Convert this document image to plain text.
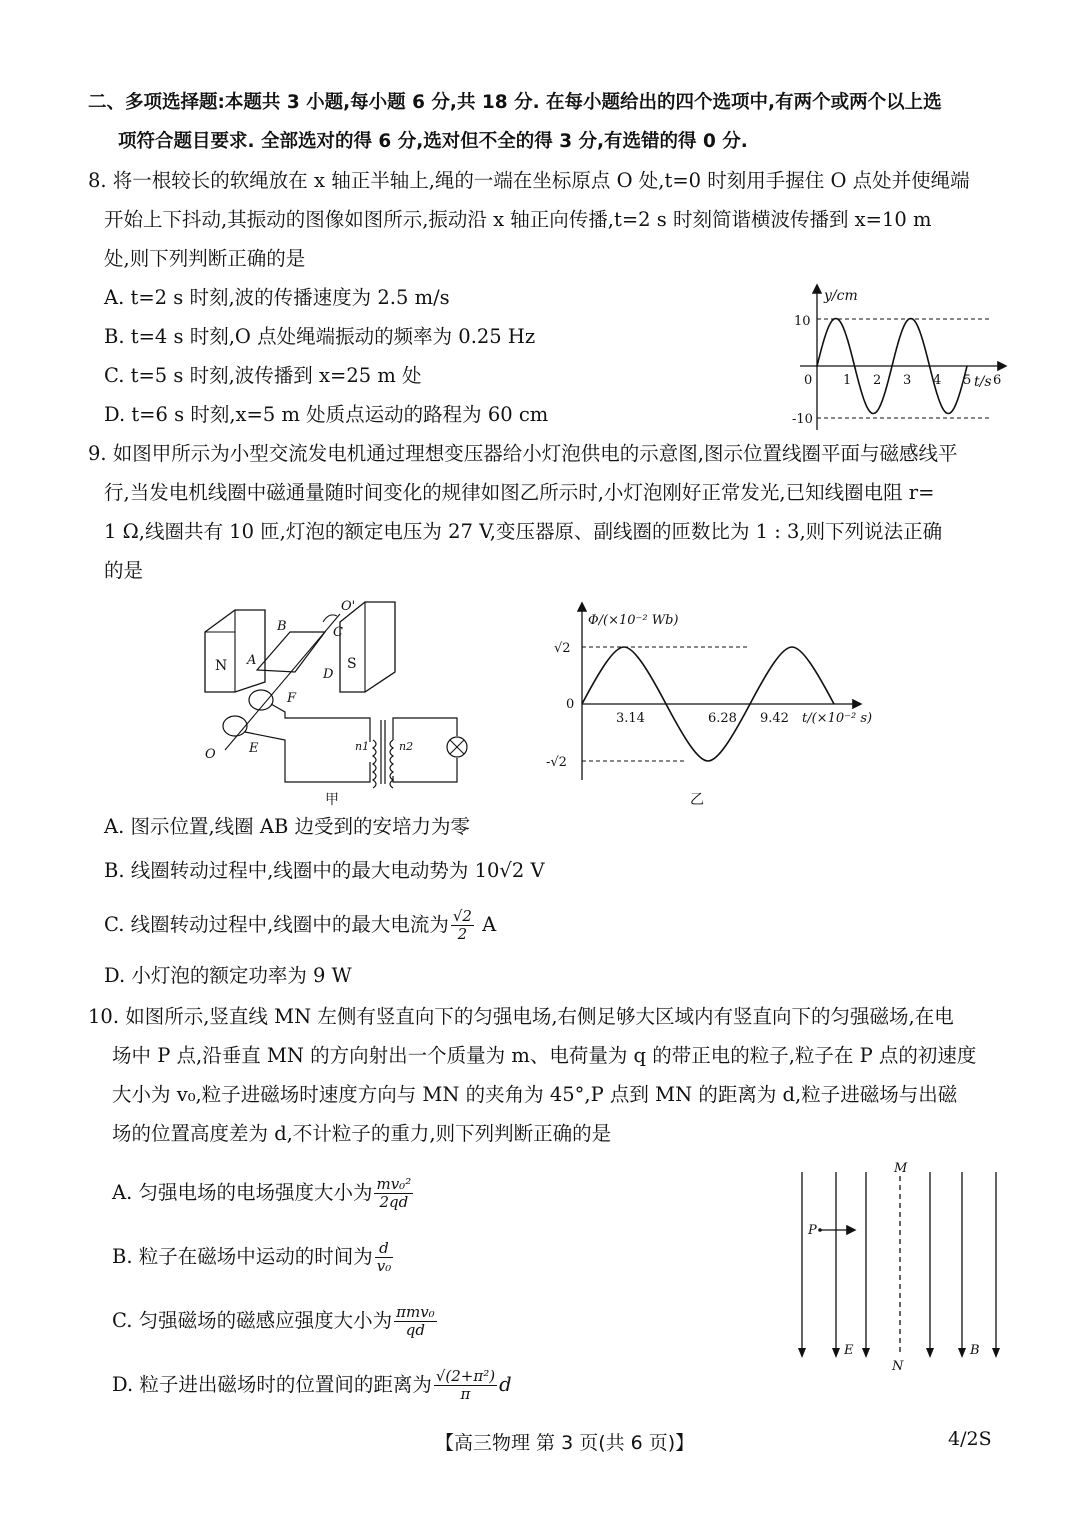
二、多项选择题:本题共 3 小题,每小题 6 分,共 18 分. 在每小题给出的四个选项中,有两个或两个以上选
项符合题目要求. 全部选对的得 6 分,选对但不全的得 3 分,有选错的得 0 分.
8. 将一根较长的软绳放在 x 轴正半轴上,绳的一端在坐标原点 O 处,t=0 时刻用手握住 O 点处并使绳端
开始上下抖动,其振动的图像如图所示,振动沿 x 轴正向传播,t=2 s 时刻简谐横波传播到 x=10 m
处,则下列判断正确的是
A. t=2 s 时刻,波的传播速度为 2.5 m/s
B. t=4 s 时刻,O 点处绳端振动的频率为 0.25 Hz
C. t=5 s 时刻,波传播到 x=25 m 处
D. t=6 s 时刻,x=5 m 处质点运动的路程为 60 cm
y/cm
t/s
10
-10
0 1 2 3 4 5 6
9. 如图甲所示为小型交流发电机通过理想变压器给小灯泡供电的示意图,图示位置线圈平面与磁感线平
行,当发电机线圈中磁通量随时间变化的规律如图乙所示时,小灯泡刚好正常发光,已知线圈电阻 r=
1 Ω,线圈共有 10 匝,灯泡的额定电压为 27 V,变压器原、副线圈的匝数比为 1 : 3,则下列说法正确
的是
N	S
A
B	C
D
O'
F
E
O
n1	n2
甲
Φ/(×10⁻² Wb)
t/(×10⁻² s)
√2
0
-√2
3.14	6.28 9.42
乙
A. 图示位置,线圈 AB 边受到的安培力为零
B. 线圈转动过程中,线圈中的最大电动势为 10√2 V
C. 线圈转动过程中,线圈中的最大电流为 $\frac{√2}{2}$ A
D. 小灯泡的额定功率为 9 W
10. 如图所示,竖直线 MN 左侧有竖直向下的匀强电场,右侧足够大区域内有竖直向下的匀强磁场,在电
场中 P 点,沿垂直 MN 的方向射出一个质量为 m、电荷量为 q 的带正电的粒子,粒子在 P 点的初速度
大小为 v₀,粒子进磁场时速度方向与 MN 的夹角为 45°,P 点到 MN 的距离为 d,粒子进磁场与出磁
场的位置高度差为 d,不计粒子的重力,则下列判断正确的是
A. 匀强电场的电场强度大小为 $\frac{\text{mv₀²}}{2qd}$
B. 粒子在磁场中运动的时间为 $\frac{d}{\text{v₀}}$
C. 匀强磁场的磁感应强度大小为 $\frac{\text{πmv₀}}{qd}$
D. 粒子进出磁场时的位置间的距离为 $\frac{\text{√(2+π²)}}{\pi}$ d
M
N
P
E	B
【高三物理 第 3 页(共 6 页)】	4/2S
